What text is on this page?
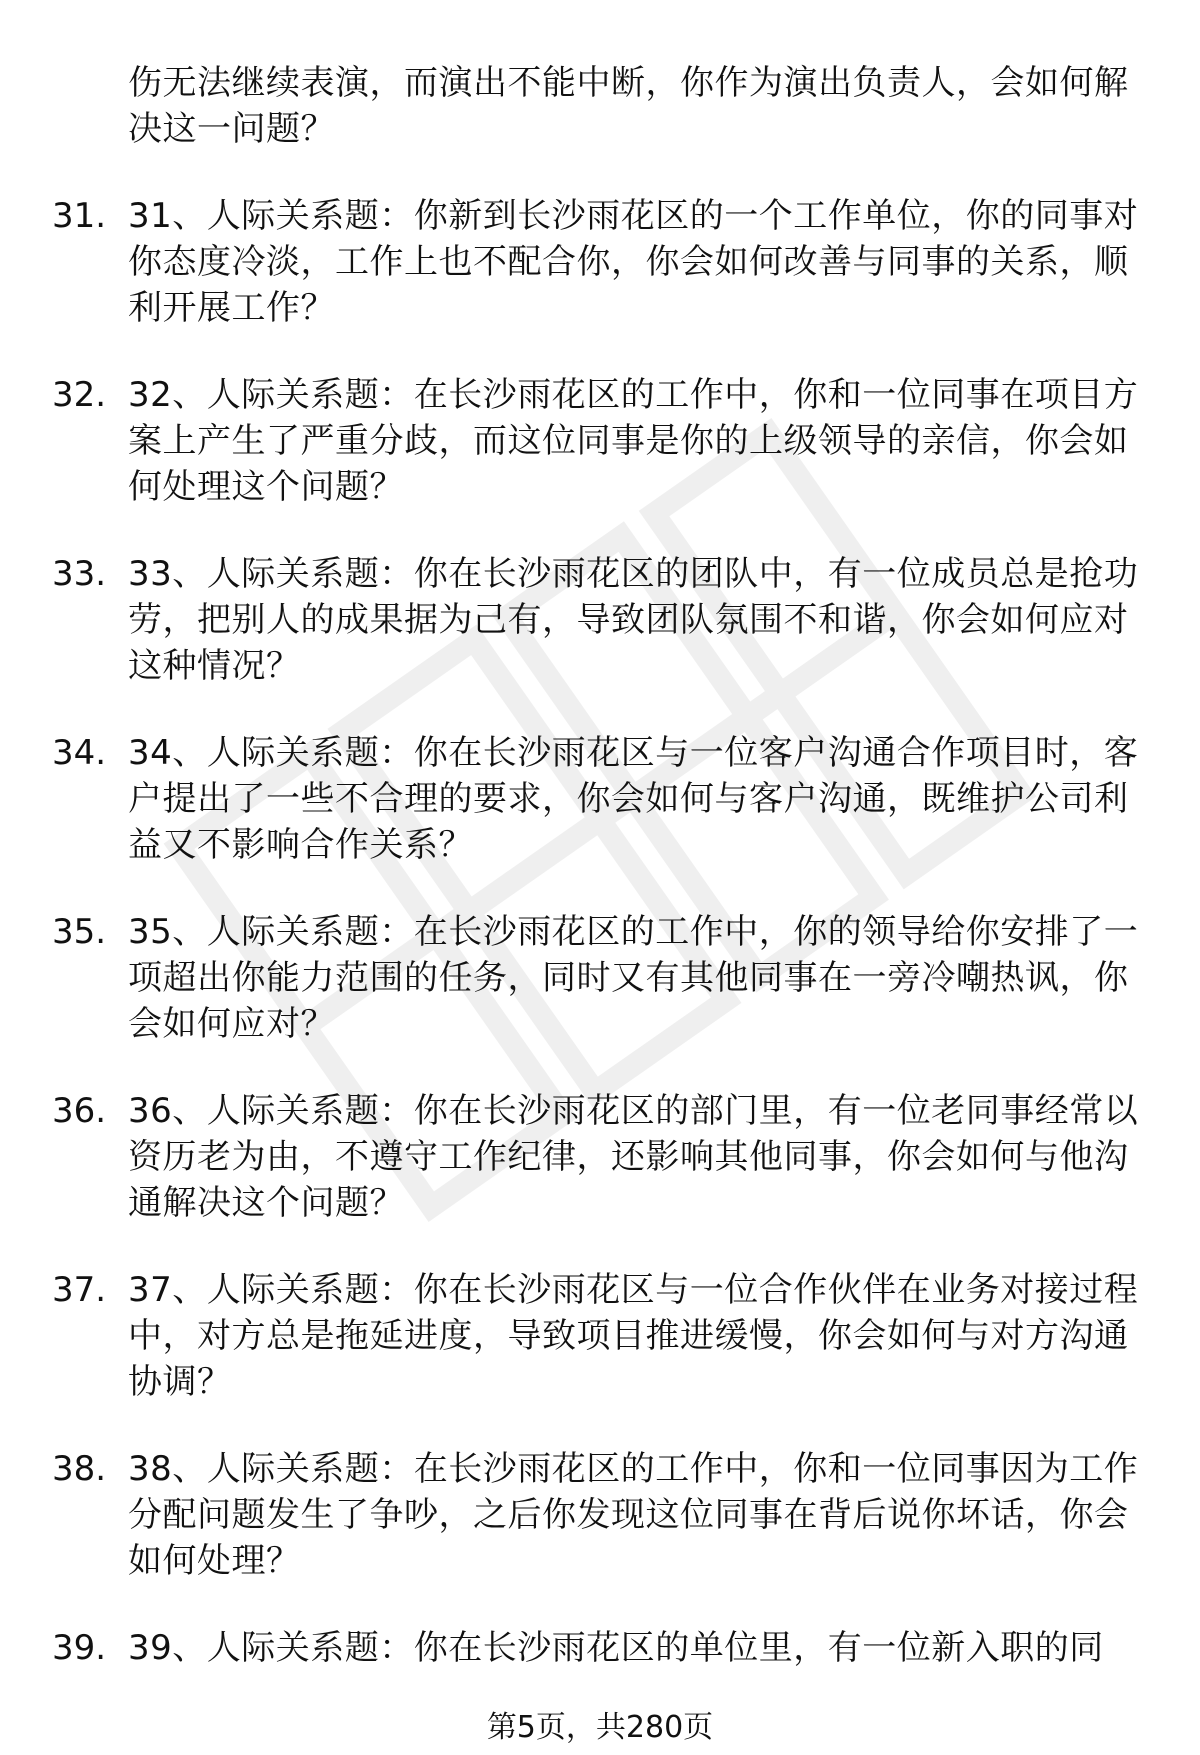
伤无法继续表演，而演出不能中断，你作为演出负责人，会如何解决这一问题？
31. 31、人际关系题：你新到长沙雨花区的一个工作单位，你的同事对你态度冷淡，工作上也不配合你，你会如何改善与同事的关系，顺利开展工作？
32. 32、人际关系题：在长沙雨花区的工作中，你和一位同事在项目方案上产生了严重分歧，而这位同事是你的上级领导的亲信，你会如何处理这个问题？
33. 33、人际关系题：你在长沙雨花区的团队中，有一位成员总是抢功劳，把别人的成果据为己有，导致团队氛围不和谐，你会如何应对这种情况？
34. 34、人际关系题：你在长沙雨花区与一位客户沟通合作项目时，客户提出了一些不合理的要求，你会如何与客户沟通，既维护公司利益又不影响合作关系？
35. 35、人际关系题：在长沙雨花区的工作中，你的领导给你安排了一项超出你能力范围的任务，同时又有其他同事在一旁冷嘲热讽，你会如何应对？
36. 36、人际关系题：你在长沙雨花区的部门里，有一位老同事经常以资历老为由，不遵守工作纪律，还影响其他同事，你会如何与他沟通解决这个问题？
37. 37、人际关系题：你在长沙雨花区与一位合作伙伴在业务对接过程中，对方总是拖延进度，导致项目推进缓慢，你会如何与对方沟通协调？
38. 38、人际关系题：在长沙雨花区的工作中，你和一位同事因为工作分配问题发生了争吵，之后你发现这位同事在背后说你坏话，你会如何处理？
39. 39、人际关系题：你在长沙雨花区的单位里，有一位新入职的同
第5页，共280页
